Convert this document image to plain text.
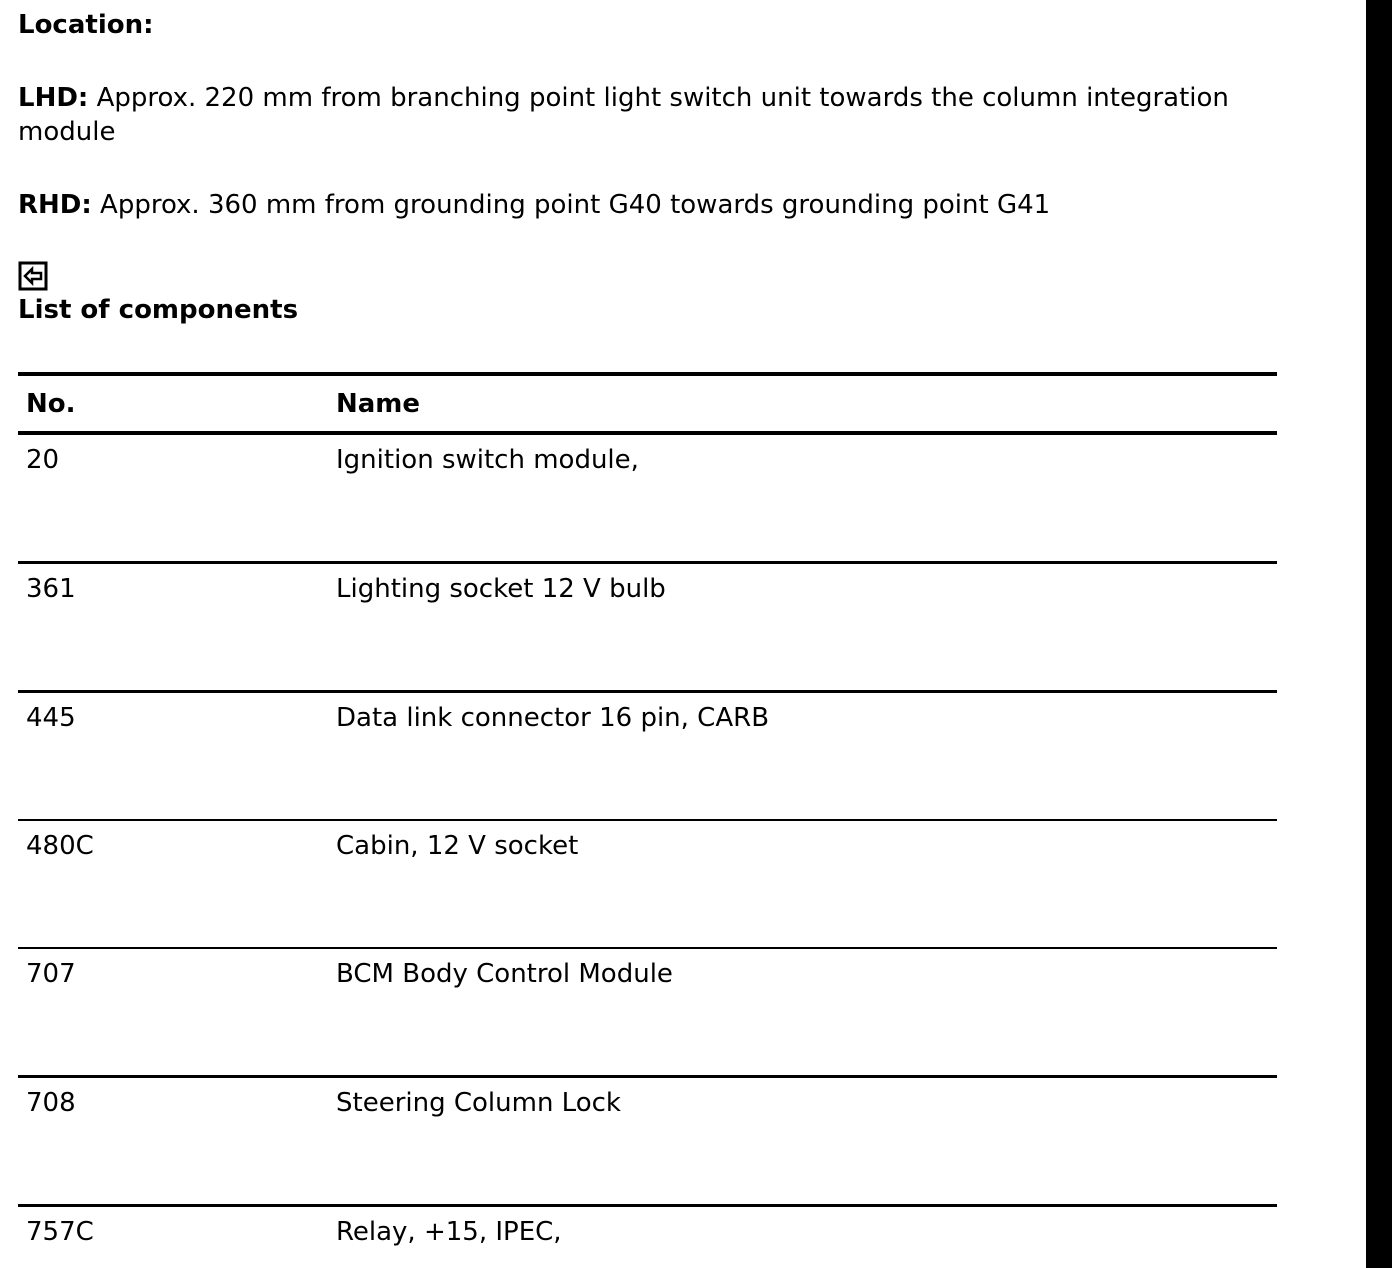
Location:

LHD: Approx. 220 mm from branching point light switch unit towards the column integration module

RHD: Approx. 360 mm from grounding point G40 towards grounding point G41

List of components

No.	Name
20	Ignition switch module,
361	Lighting socket 12 V bulb
445	Data link connector 16 pin, CARB
480C	Cabin, 12 V socket
707	BCM Body Control Module
708	Steering Column Lock
757C	Relay, +15, IPEC,
